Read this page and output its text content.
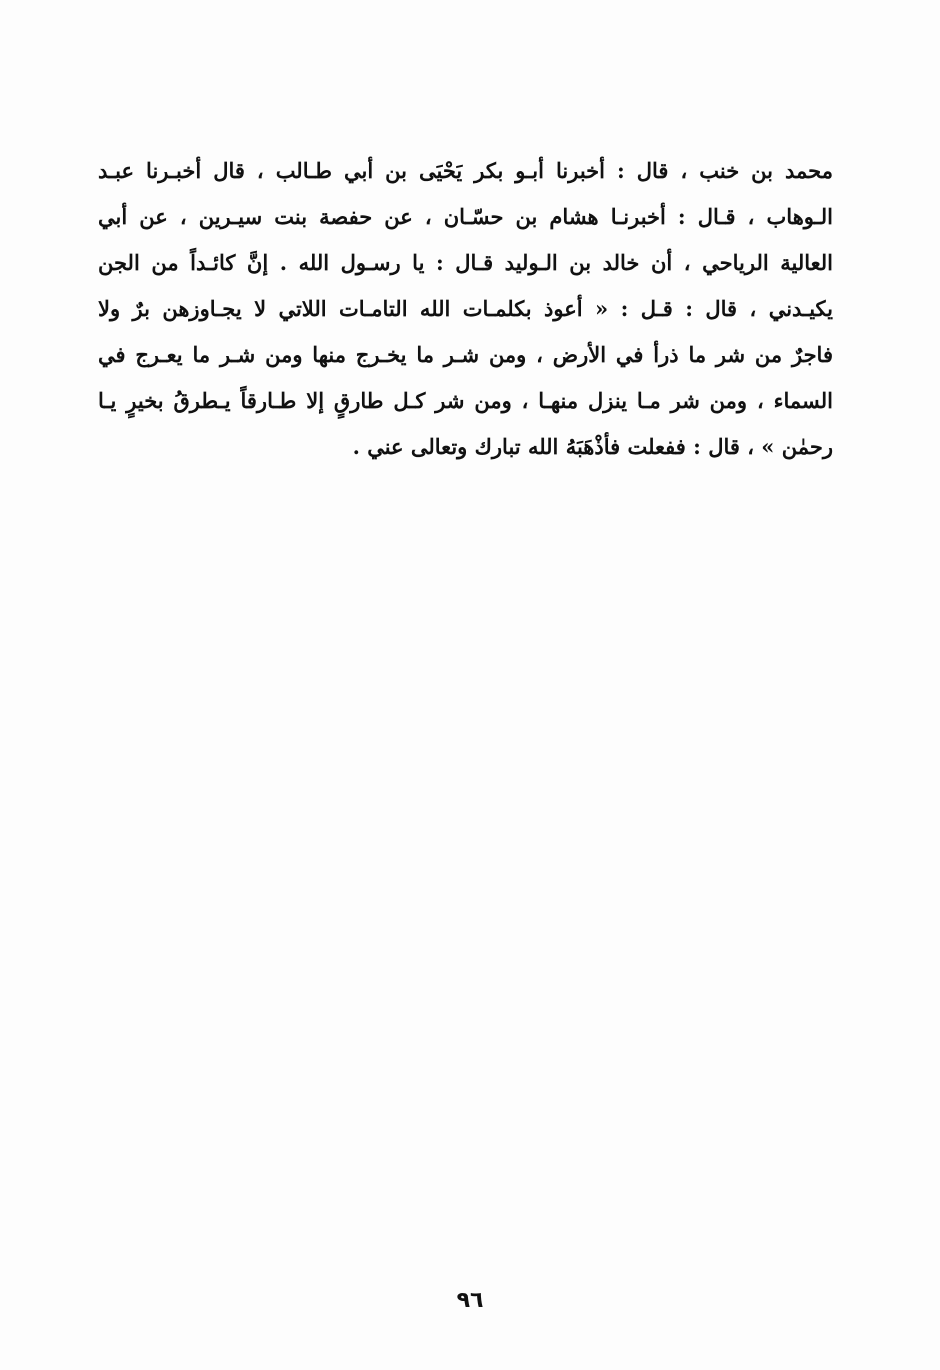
محمد بن خنب ، قال : أخبرنا أبـو بكر يَحْيَى بن أبي طـالب ، قال أخبـرنا عبـد
الـوهاب ، قـال : أخبرنـا هشام بن حسّـان ، عن حفصة بنت سيـرين ، عن أبي
العالية الرياحي ، أن خالد بن الـوليد قـال : يا رسـول الله . إنَّ كائـداً من الجن
يكيـدني ، قال : قـل : « أعوذ بكلمـات الله التامـات اللاتي لا يجـاوزهن برٌ ولا
فاجرٌ من شر ما ذرأ في الأرض ، ومن شـر ما يخـرج منها ومن شـر ما يعـرج في
السماء ، ومن شر مـا ينزل منهـا ، ومن شر كـل طارقٍ إلا طـارقاً يـطرقُ بخيرٍ يـا
رحمٰن » ، قال : ففعلت فأذْهَبَهُ الله تبارك وتعالى عني .
٩٦
